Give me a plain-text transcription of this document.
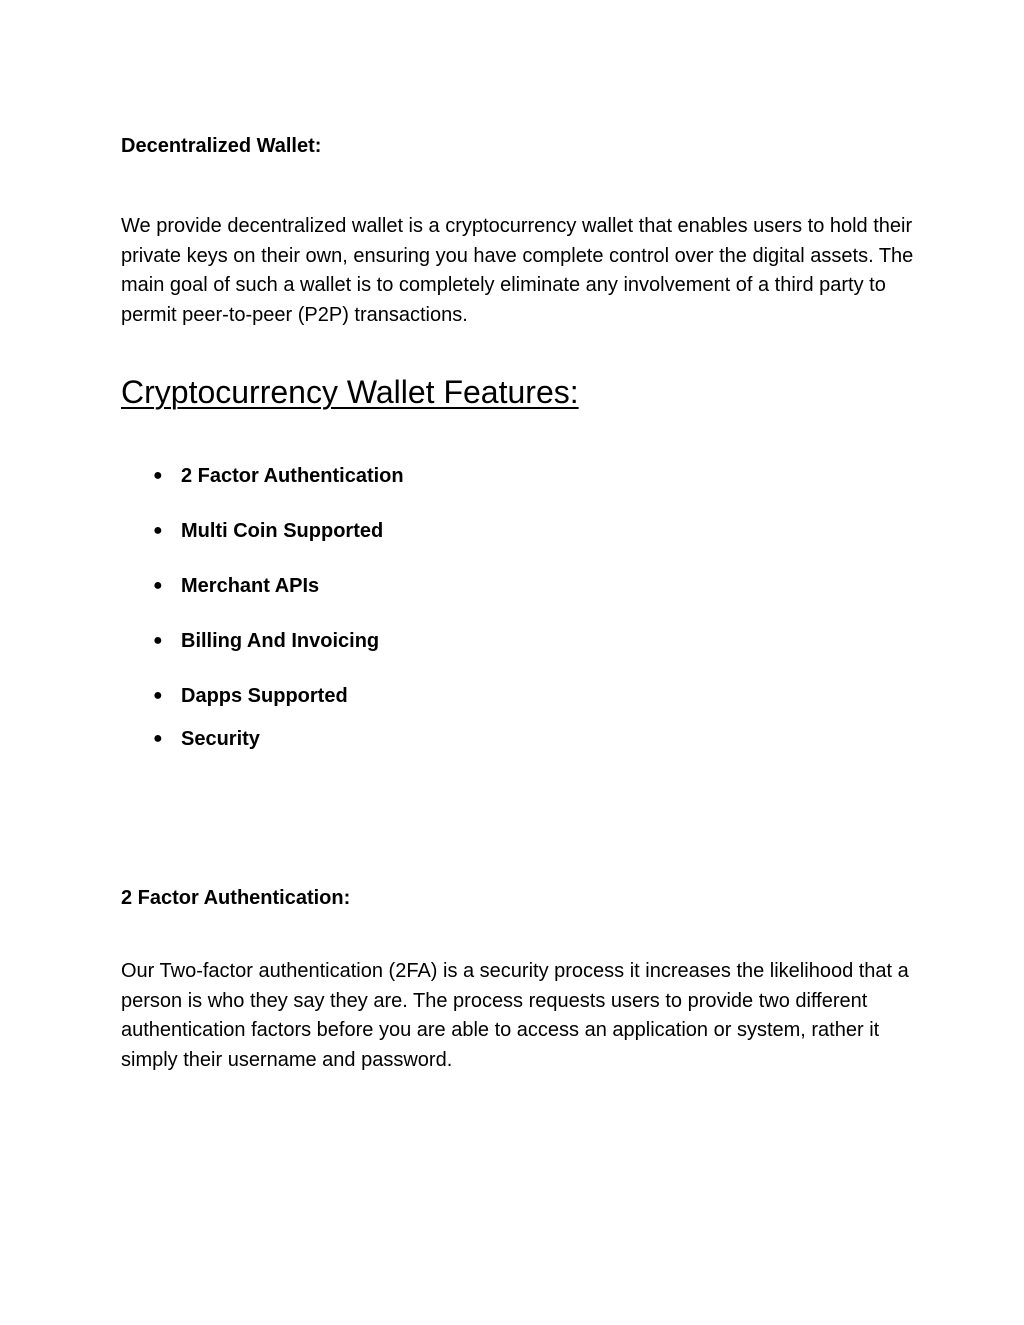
Decentralized Wallet:

We provide decentralized wallet is a cryptocurrency wallet that enables users to hold their private keys on their own, ensuring you have complete control over the digital assets. The main goal of such a wallet is to completely eliminate any involvement of a third party to permit peer-to-peer (P2P) transactions.

Cryptocurrency Wallet Features:
● 2 Factor Authentication
● Multi Coin Supported
● Merchant APIs
● Billing And Invoicing
● Dapps Supported
● Security
2 Factor Authentication:

Our Two-factor authentication (2FA) is a security process it increases the likelihood that a person is who they say they are. The process requests users to provide two different authentication factors before you are able to access an application or system, rather it simply their username and password.
